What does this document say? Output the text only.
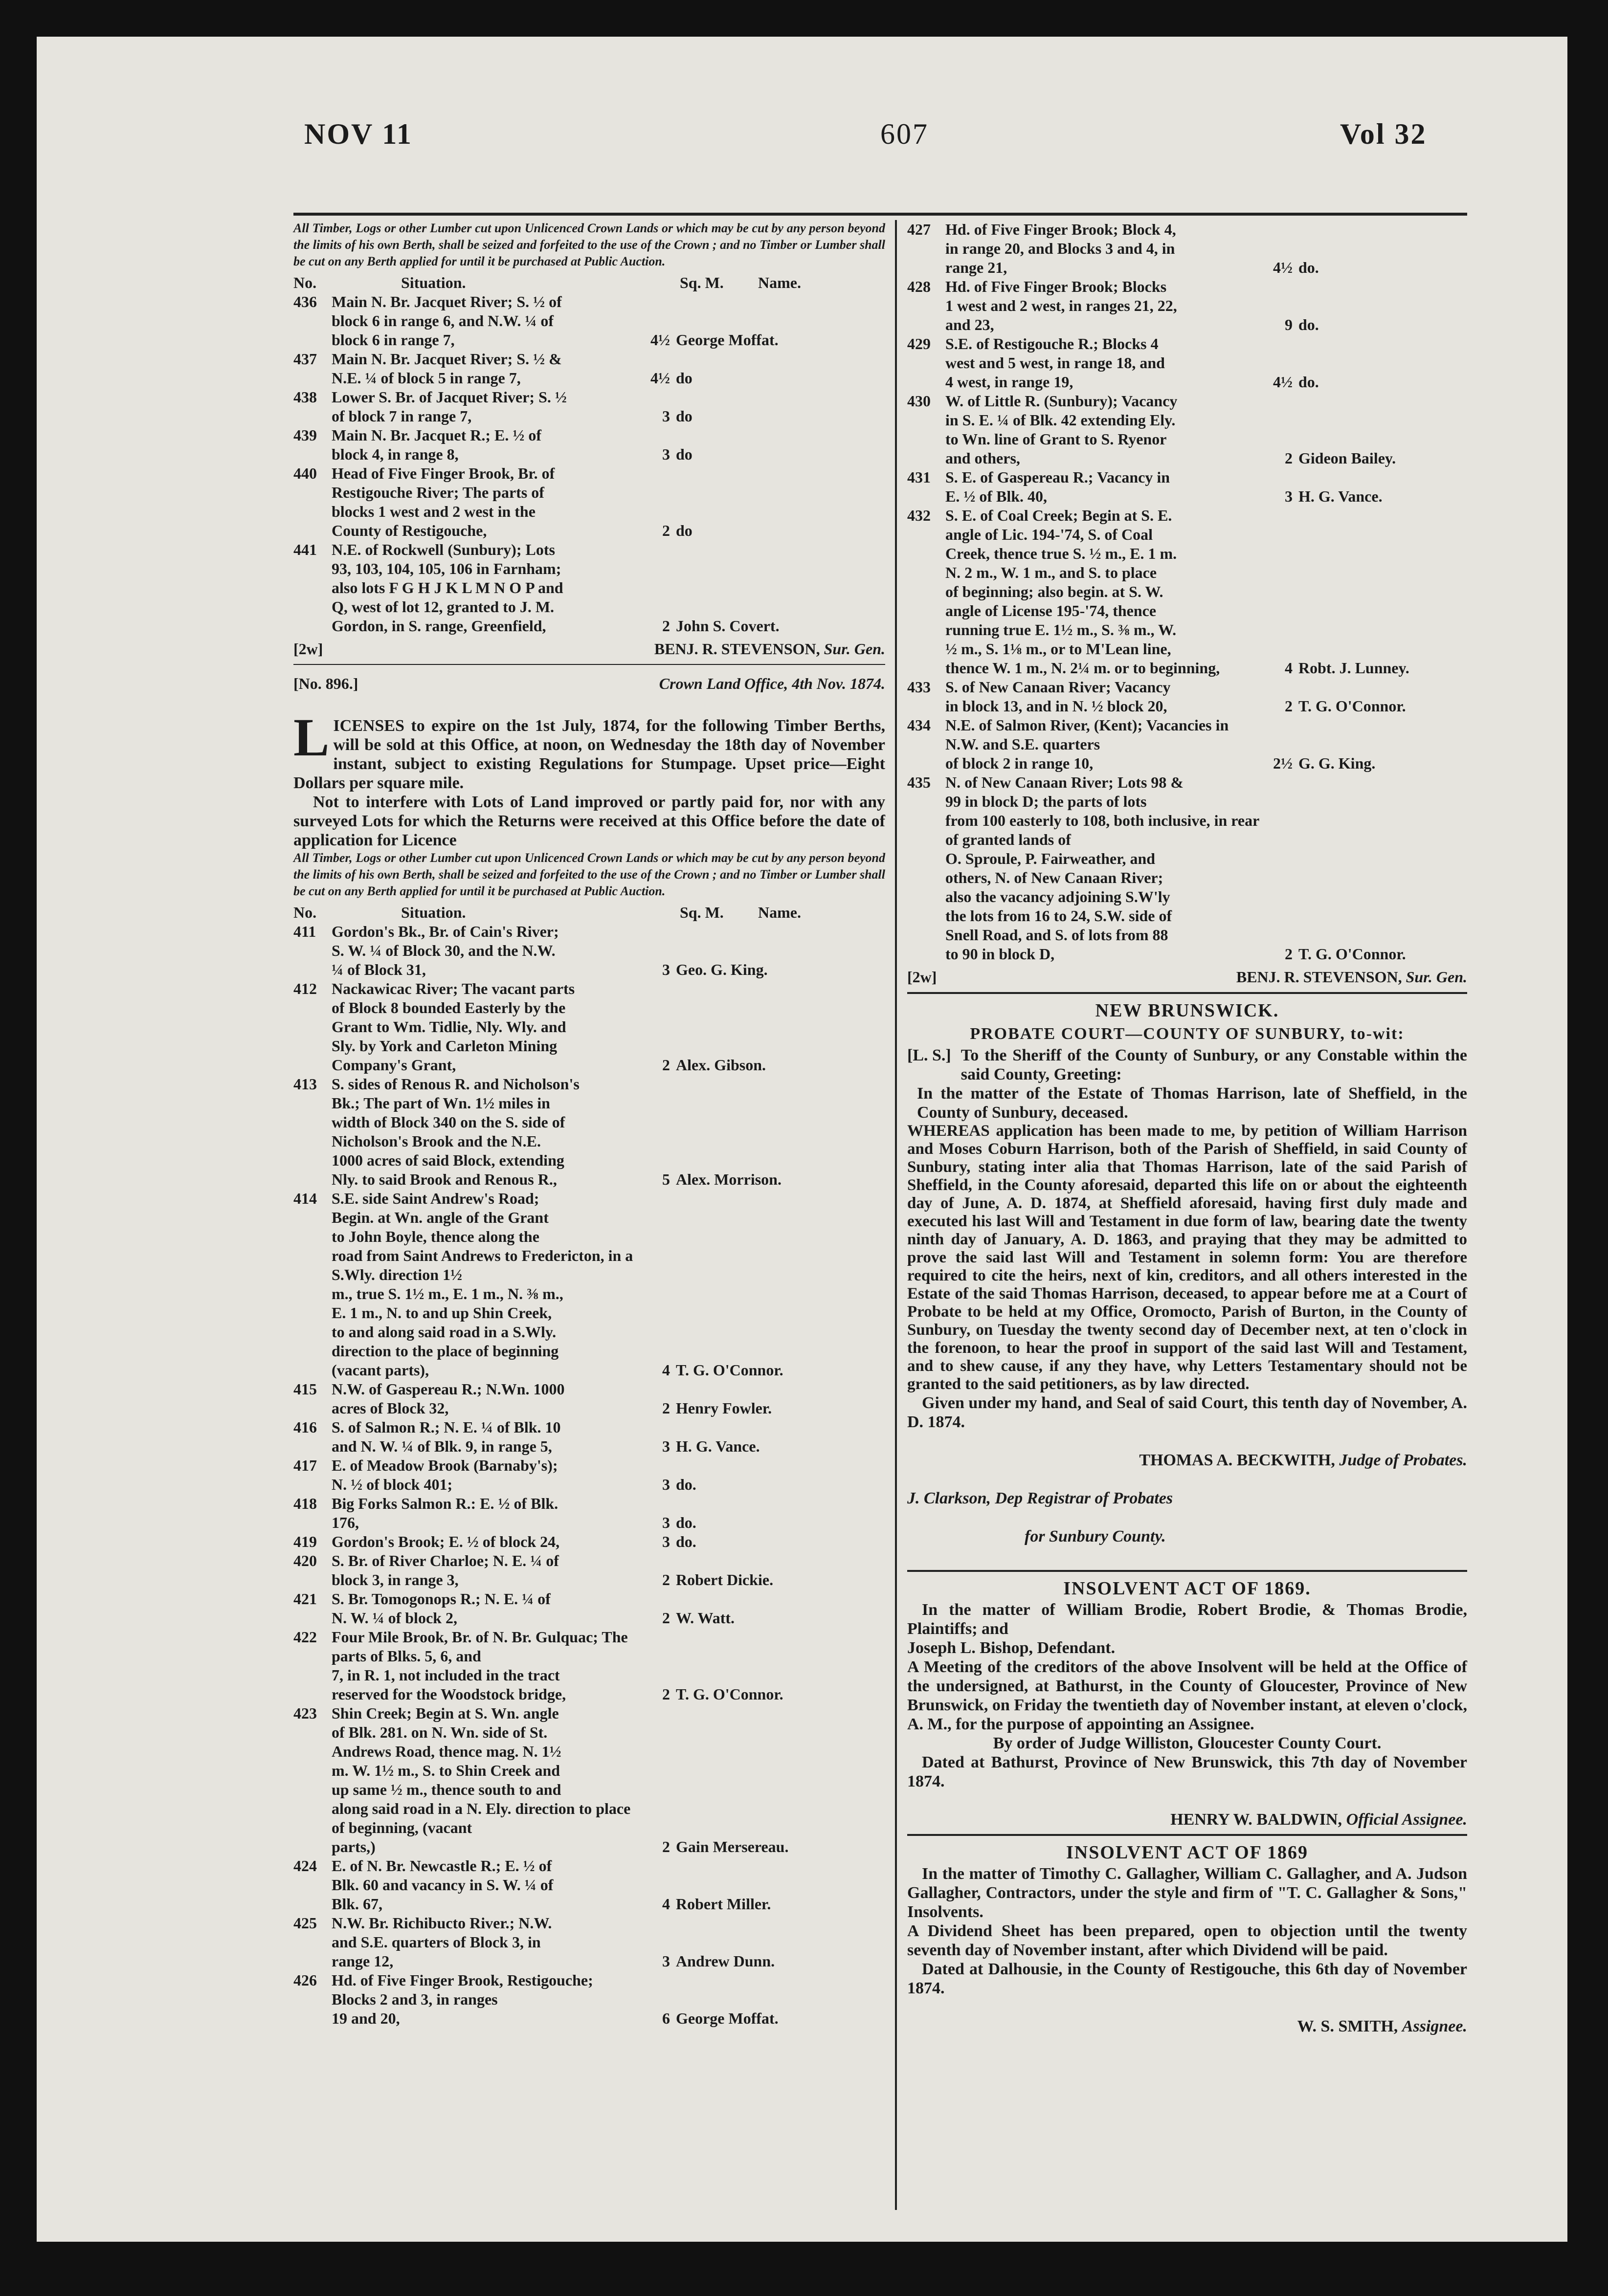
NOV 11	607	Vol 32

All Timber, Logs or other Lumber cut upon Unlicenced Crown Lands or which may be cut by any person beyond the limits of his own Berth, shall be seized and forfeited to the use of the Crown ; and no Timber or Lumber shall be cut on any Berth applied for until it be purchased at Public Auction.

No.	Situation.	Sq. M.	Name.
436 Main N. Br. Jacquet River; S. ½ of
block 6 in range 6, and N.W. ¼ of
block 6 in range 7,	4½ George Moffat.
437 Main N. Br. Jacquet River; S. ½ &
N.E. ¼ of block 5 in range 7,	4½ do
438 Lower S. Br. of Jacquet River; S. ½
of block 7 in range 7,	3 do
439 Main N. Br. Jacquet R.; E. ½ of
block 4, in range 8,	3 do
440 Head of Five Finger Brook, Br. of
Restigouche River; The parts of
blocks 1 west and 2 west in the
County of Restigouche,	2 do
441 N.E. of Rockwell (Sunbury); Lots
93, 103, 104, 105, 106 in Farnham;
also lots F G H J K L M N O P and
Q, west of lot 12, granted to J. M.
Gordon, in S. range, Greenfield,	2 John S. Covert.
[2w]	BENJ. R. STEVENSON, Sur. Gen.
[No. 896.]	Crown Land Office, 4th Nov. 1874.

LICENSES to expire on the 1st July, 1874, for the following Timber Berths, will be sold at this Office, at noon, on Wednesday the 18th day of November instant, subject to existing Regulations for Stumpage. Upset price—Eight Dollars per square mile.

Not to interfere with Lots of Land improved or partly paid for, nor with any surveyed Lots for which the Returns were received at this Office before the date of application for Licence

All Timber, Logs or other Lumber cut upon Unlicenced Crown Lands or which may be cut by any person beyond the limits of his own Berth, shall be seized and forfeited to the use of the Crown ; and no Timber or Lumber shall be cut on any Berth applied for until it be purchased at Public Auction.

No.	Situation.	Sq. M.	Name.
411 Gordon's Bk., Br. of Cain's River;
S. W. ¼ of Block 30, and the N.W.
¼ of Block 31,	3 Geo. G. King.
412 Nackawicac River; The vacant parts
of Block 8 bounded Easterly by the
Grant to Wm. Tidlie, Nly. Wly. and
Sly. by York and Carleton Mining
Company's Grant,	2 Alex. Gibson.
413 S. sides of Renous R. and Nicholson's
Bk.; The part of Wn. 1½ miles in
width of Block 340 on the S. side of
Nicholson's Brook and the N.E.
1000 acres of said Block, extending
Nly. to said Brook and Renous R.,	5 Alex. Morrison.
414 S.E. side Saint Andrew's Road;
Begin. at Wn. angle of the Grant
to John Boyle, thence along the
road from Saint Andrews to Fredericton, in a S.Wly. direction 1½
m., true S. 1½ m., E. 1 m., N. ⅜ m.,
E. 1 m., N. to and up Shin Creek,
to and along said road in a S.Wly.
direction to the place of beginning
(vacant parts),	4 T. G. O'Connor.
415 N.W. of Gaspereau R.; N.Wn. 1000
acres of Block 32,	2 Henry Fowler.
416 S. of Salmon R.; N. E. ¼ of Blk. 10
and N. W. ¼ of Blk. 9, in range 5,	3 H. G. Vance.
417 E. of Meadow Brook (Barnaby's);
N. ½ of block 401;	3 do.
418 Big Forks Salmon R.: E. ½ of Blk.
176,	3 do.
419 Gordon's Brook; E. ½ of block 24,	3 do.
420 S. Br. of River Charloe; N. E. ¼ of
block 3, in range 3,	2 Robert Dickie.
421 S. Br. Tomogonops R.; N. E. ¼ of
N. W. ¼ of block 2,	2 W. Watt.
422 Four Mile Brook, Br. of N. Br. Gulquac; The parts of Blks. 5, 6, and
7, in R. 1, not included in the tract
reserved for the Woodstock bridge,	2 T. G. O'Connor.
423 Shin Creek; Begin at S. Wn. angle
of Blk. 281. on N. Wn. side of St.
Andrews Road, thence mag. N. 1½
m. W. 1½ m., S. to Shin Creek and
up same ½ m., thence south to and
along said road in a N. Ely. direction to place of beginning, (vacant
parts,)	2 Gain Mersereau.
424 E. of N. Br. Newcastle R.; E. ½ of
Blk. 60 and vacancy in S. W. ¼ of
Blk. 67,	4 Robert Miller.
425 N.W. Br. Richibucto River.; N.W.
and S.E. quarters of Block 3, in
range 12,	3 Andrew Dunn.
426 Hd. of Five Finger Brook, Restigouche; Blocks 2 and 3, in ranges
19 and 20,	6 George Moffat.
427 Hd. of Five Finger Brook; Block 4,
in range 20, and Blocks 3 and 4, in
range 21,	4½ do.
428 Hd. of Five Finger Brook; Blocks
1 west and 2 west, in ranges 21, 22,
and 23,	9 do.
429 S.E. of Restigouche R.; Blocks 4
west and 5 west, in range 18, and
4 west, in range 19,	4½ do.
430 W. of Little R. (Sunbury); Vacancy
in S. E. ¼ of Blk. 42 extending Ely.
to Wn. line of Grant to S. Ryenor
and others,	2 Gideon Bailey.
431 S. E. of Gaspereau R.; Vacancy in
E. ½ of Blk. 40,	3 H. G. Vance.
432 S. E. of Coal Creek; Begin at S. E.
angle of Lic. 194-'74, S. of Coal
Creek, thence true S. ½ m., E. 1 m.
N. 2 m., W. 1 m., and S. to place
of beginning; also begin. at S. W.
angle of License 195-'74, thence
running true E. 1½ m., S. ⅜ m., W.
½ m., S. 1⅛ m., or to M'Lean line,
thence W. 1 m., N. 2¼ m. or to beginning,	4 Robt. J. Lunney.
433 S. of New Canaan River; Vacancy
in block 13, and in N. ½ block 20,	2 T. G. O'Connor.
434 N.E. of Salmon River, (Kent); Vacancies in N.W. and S.E. quarters
of block 2 in range 10,	2½ G. G. King.
435 N. of New Canaan River; Lots 98 &
99 in block D; the parts of lots
from 100 easterly to 108, both inclusive, in rear of granted lands of
O. Sproule, P. Fairweather, and
others, N. of New Canaan River;
also the vacancy adjoining S.W'ly
the lots from 16 to 24, S.W. side of
Snell Road, and S. of lots from 88
to 90 in block D,	2 T. G. O'Connor.
[2w]	BENJ. R. STEVENSON, Sur. Gen.
NEW BRUNSWICK.
PROBATE COURT—COUNTY OF SUNBURY, to-wit:
[L. S.] To the Sheriff of the County of Sunbury, or any Constable within the said County, Greeting:
In the matter of the Estate of Thomas Harrison, late of Sheffield, in the County of Sunbury, deceased.
WHEREAS application has been made to me, by petition of William Harrison and Moses Coburn Harrison, both of the Parish of Sheffield, in said County of Sunbury, stating inter alia that Thomas Harrison, late of the said Parish of Sheffield, in the County aforesaid, departed this life on or about the eighteenth day of June, A. D. 1874, at Sheffield aforesaid, having first duly made and executed his last Will and Testament in due form of law, bearing date the twenty ninth day of January, A. D. 1863, and praying that they may be admitted to prove the said last Will and Testament in solemn form: You are therefore required to cite the heirs, next of kin, creditors, and all others interested in the Estate of the said Thomas Harrison, deceased, to appear before me at a Court of Probate to be held at my Office, Oromocto, Parish of Burton, in the County of Sunbury, on Tuesday the twenty second day of December next, at ten o'clock in the forenoon, to hear the proof in support of the said last Will and Testament, and to shew cause, if any they have, why Letters Testamentary should not be granted to the said petitioners, as by law directed.
Given under my hand, and Seal of said Court, this tenth day of November, A. D. 1874.

THOMAS A. BECKWITH, Judge of Probates.

J. Clarkson, Dep Registrar of Probates

for Sunbury County.

INSOLVENT ACT OF 1869.
In the matter of William Brodie, Robert Brodie, & Thomas Brodie, Plaintiffs; and
Joseph L. Bishop, Defendant.
A Meeting of the creditors of the above Insolvent will be held at the Office of the undersigned, at Bathurst, in the County of Gloucester, Province of New Brunswick, on Friday the twentieth day of November instant, at eleven o'clock, A. M., for the purpose of appointing an Assignee.
By order of Judge Williston, Gloucester County Court.
Dated at Bathurst, Province of New Brunswick, this 7th day of November 1874.

HENRY W. BALDWIN, Official Assignee.

INSOLVENT ACT OF 1869
In the matter of Timothy C. Gallagher, William C. Gallagher, and A. Judson Gallagher, Contractors, under the style and firm of "T. C. Gallagher & Sons," Insolvents.
A Dividend Sheet has been prepared, open to objection until the twenty seventh day of November instant, after which Dividend will be paid.
Dated at Dalhousie, in the County of Restigouche, this 6th day of November 1874.

W. S. SMITH, Assignee.
